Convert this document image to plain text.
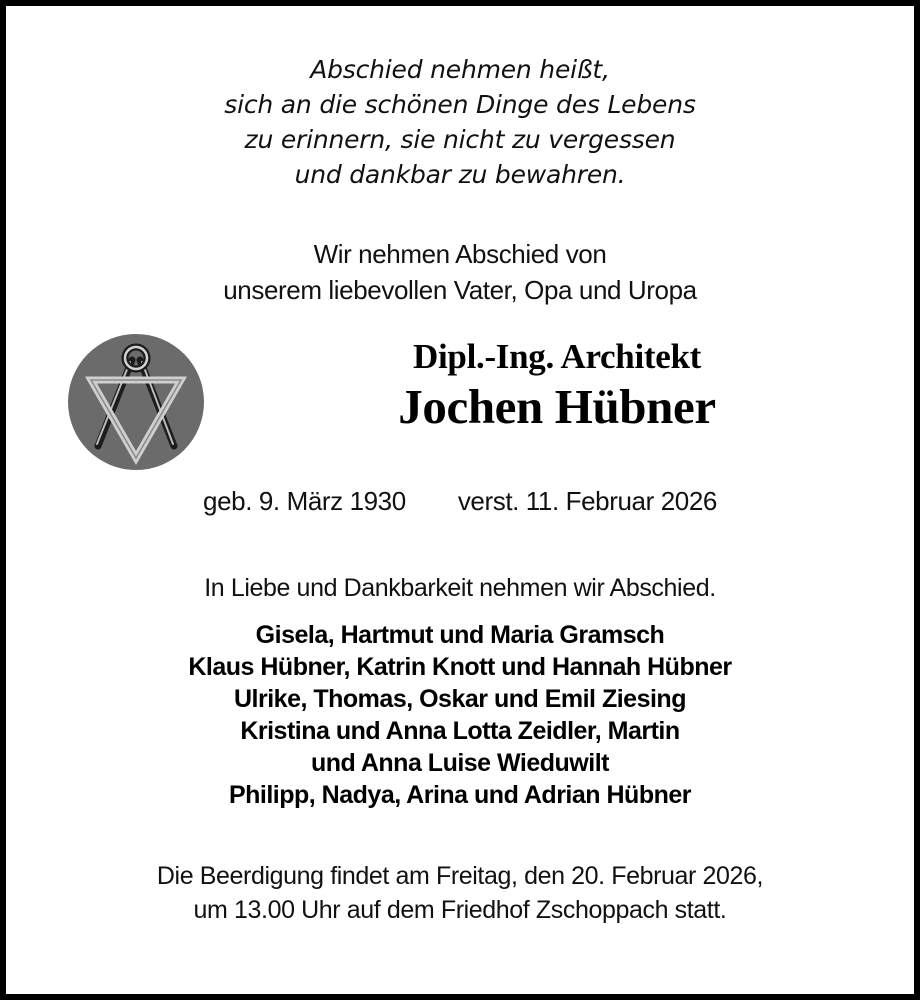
Abschied nehmen heißt,
sich an die schönen Dinge des Lebens
zu erinnern, sie nicht zu vergessen
und dankbar zu bewahren.
Wir nehmen Abschied von
unserem liebevollen Vater, Opa und Uropa
Dipl.-Ing. Architekt
Jochen Hübner
geb. 9. März 1930 verst. 11. Februar 2026
In Liebe und Dankbarkeit nehmen wir Abschied.
Gisela, Hartmut und Maria Gramsch
Klaus Hübner, Katrin Knott und Hannah Hübner
Ulrike, Thomas, Oskar und Emil Ziesing
Kristina und Anna Lotta Zeidler, Martin
und Anna Luise Wieduwilt
Philipp, Nadya, Arina und Adrian Hübner
Die Beerdigung findet am Freitag, den 20. Februar 2026,
um 13.00 Uhr auf dem Friedhof Zschoppach statt.
